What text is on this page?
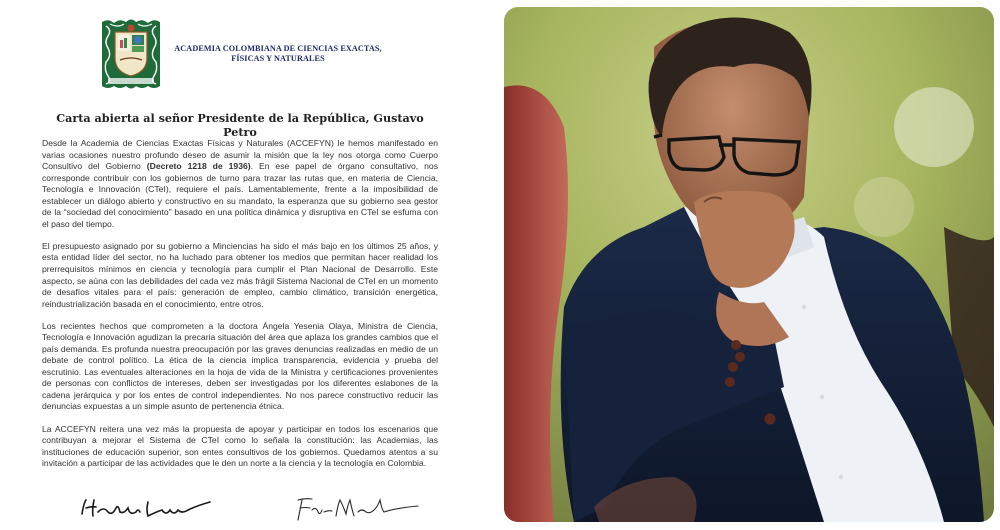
ACADEMIA COLOMBIANA DE CIENCIAS EXACTAS,
FÍSICAS Y NATURALES
Carta abierta al señor Presidente de la República, Gustavo Petro

Desde la Academia de Ciencias Exactas Físicas y Naturales (ACCEFYN) le hemos manifestado en varias ocasiones nuestro profundo deseo de asumir la misión que la ley nos otorga como Cuerpo Consultivo del Gobierno (Decreto 1218 de 1936). En ese papel de órgano consultativo, nos corresponde contribuir con los gobiernos de turno para trazar las rutas que, en materia de Ciencia, Tecnología e Innovación (CTeI), requiere el país. Lamentablemente, frente a la imposibilidad de establecer un diálogo abierto y constructivo en su mandato, la esperanza que su gobierno sea gestor de la “sociedad del conocimiento” basado en una política dinámica y disruptiva en CTeI se esfuma con el paso del tiempo.

El presupuesto asignado por su gobierno a Minciencias ha sido el más bajo en los últimos 25 años, y esta entidad líder del sector, no ha luchado para obtener los medios que permitan hacer realidad los prerrequisitos mínimos en ciencia y tecnología para cumplir el Plan Nacional de Desarrollo. Este aspecto, se aúna con las debilidades del cada vez más frágil Sistema Nacional de CTeI en un momento de desafíos vitales para el país: generación de empleo, cambio climático, transición energética, reindustrialización basada en el conocimiento, entre otros.

Los recientes hechos que comprometen a la doctora Ángela Yesenia Olaya, Ministra de Ciencia, Tecnología e Innovación agudizan la precaria situación del área que aplaza los grandes cambios que el país demanda. Es profunda nuestra preocupación por las graves denuncias realizadas en medio de un debate de control político. La ética de la ciencia implica transparencia, evidencia y prueba del escrutinio. Las eventuales alteraciones en la hoja de vida de la Ministra y certificaciones provenientes de personas con conflictos de intereses, deben ser investigadas por los diferentes eslabones de la cadena jerárquica y por los entes de control independientes. No nos parece constructivo reducir las denuncias expuestas a un simple asunto de pertenencia étnica.

La ACCEFYN reitera una vez más la propuesta de apoyar y participar en todos los escenarios que contribuyan a mejorar el Sistema de CTeI como lo señala la constitución: las Academias, las instituciones de educación superior, son entes consultivos de los gobiernos. Quedamos atentos a su invitación a participar de las actividades que le den un norte a la ciencia y la tecnología en Colombia.
